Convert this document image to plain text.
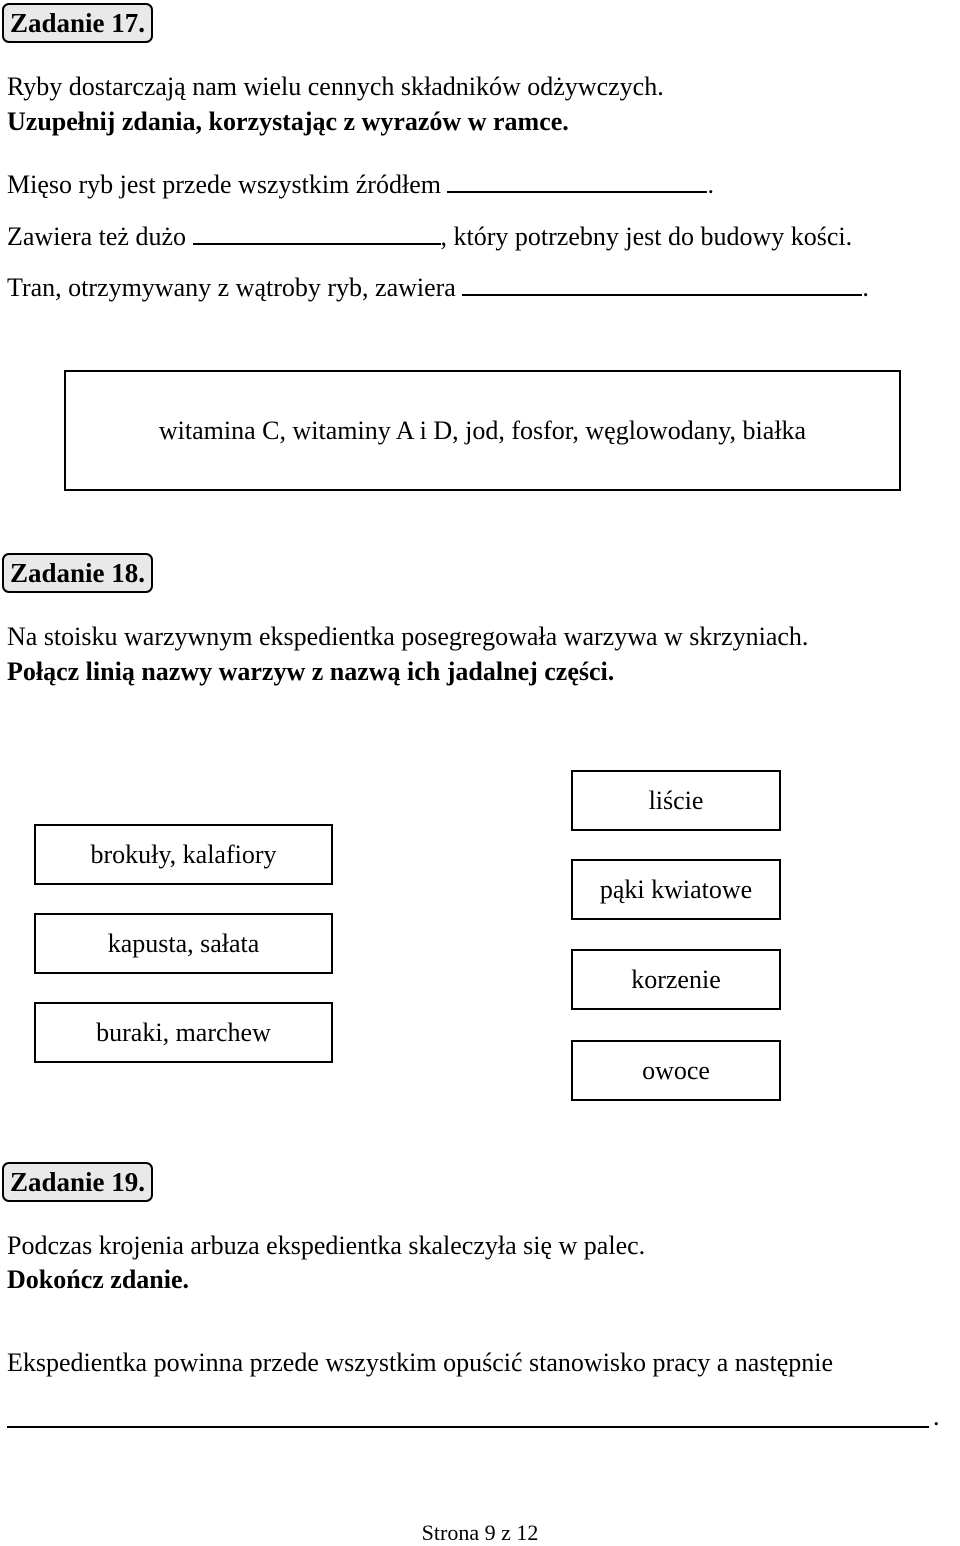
Zadanie 17.
Ryby dostarczają nam wielu cennych składników odżywczych.
Uzupełnij zdania, korzystając z wyrazów w ramce.
Mięso ryb jest przede wszystkim źródłem	.
Zawiera też dużo	, który potrzebny jest do budowy kości.
Tran, otrzymywany z wątroby ryb, zawiera	.
witamina C, witaminy A i D, jod, fosfor, węglowodany, białka
Zadanie 18.
Na stoisku warzywnym ekspedientka posegregowała warzywa w skrzyniach.
Połącz linią nazwy warzyw z nazwą ich jadalnej części.
brokuły, kalafiory
kapusta, sałata
buraki, marchew
liście
pąki kwiatowe
korzenie
owoce
Zadanie 19.
Podczas krojenia arbuza ekspedientka skaleczyła się w palec.
Dokończ zdanie.
Ekspedientka powinna przede wszystkim opuścić stanowisko pracy a następnie
.
Strona 9 z 12
